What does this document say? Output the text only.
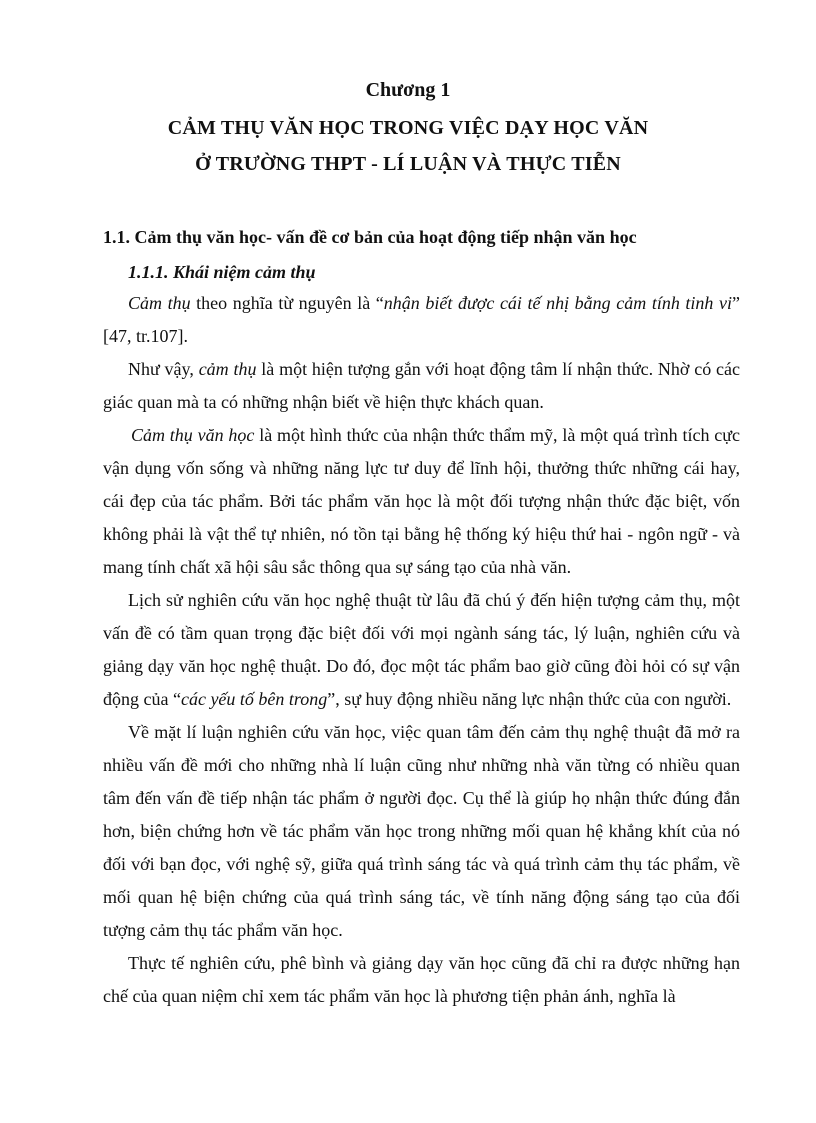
Chương 1
CẢM THỤ VĂN HỌC TRONG VIỆC DẠY HỌC VĂN
Ở TRƯỜNG THPT - LÍ LUẬN VÀ THỰC TIỄN
1.1. Cảm thụ văn học- vấn đề cơ bản của hoạt động tiếp nhận văn học
1.1.1. Khái niệm cảm thụ

Cảm thụ theo nghĩa từ nguyên là “nhận biết được cái tế nhị bằng cảm tính tinh vi” [47, tr.107].

Như vậy, cảm thụ là một hiện tượng gắn với hoạt động tâm lí nhận thức. Nhờ có các giác quan mà ta có những nhận biết về hiện thực khách quan.

Cảm thụ văn học là một hình thức của nhận thức thẩm mỹ, là một quá trình tích cực vận dụng vốn sống và những năng lực tư duy để lĩnh hội, thưởng thức những cái hay, cái đẹp của tác phẩm. Bởi tác phẩm văn học là một đối tượng nhận thức đặc biệt, vốn không phải là vật thể tự nhiên, nó tồn tại bằng hệ thống ký hiệu thứ hai - ngôn ngữ - và mang tính chất xã hội sâu sắc thông qua sự sáng tạo của nhà văn.

Lịch sử nghiên cứu văn học nghệ thuật từ lâu đã chú ý đến hiện tượng cảm thụ, một vấn đề có tầm quan trọng đặc biệt đối với mọi ngành sáng tác, lý luận, nghiên cứu và giảng dạy văn học nghệ thuật. Do đó, đọc một tác phẩm bao giờ cũng đòi hỏi có sự vận động của “các yếu tố bên trong”, sự huy động nhiều năng lực nhận thức của con người.

Về mặt lí luận nghiên cứu văn học, việc quan tâm đến cảm thụ nghệ thuật đã mở ra nhiều vấn đề mới cho những nhà lí luận cũng như những nhà văn từng có nhiều quan tâm đến vấn đề tiếp nhận tác phẩm ở người đọc. Cụ thể là giúp họ nhận thức đúng đắn hơn, biện chứng hơn về tác phẩm văn học trong những mối quan hệ khắng khít của nó đối với bạn đọc, với nghệ sỹ, giữa quá trình sáng tác và quá trình cảm thụ tác phẩm, về mối quan hệ biện chứng của quá trình sáng tác, về tính năng động sáng tạo của đối tượng cảm thụ tác phẩm văn học.

Thực tế nghiên cứu, phê bình và giảng dạy văn học cũng đã chỉ ra được những hạn chế của quan niệm chỉ xem tác phẩm văn học là phương tiện phản ánh, nghĩa là
